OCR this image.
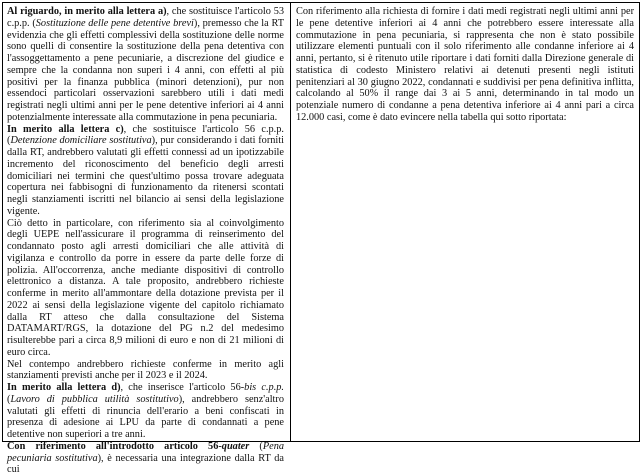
Al riguardo, in merito alla lettera a), che sostituisce l'articolo 53 c.p.p. (Sostituzione delle pene detentive brevi), premesso che la RT evidenzia che gli effetti complessivi della sostituzione delle norme sono quelli di consentire la sostituzione della pena detentiva con l'assoggettamento a pene pecuniarie, a discrezione del giudice e sempre che la condanna non superi i 4 anni, con effetti al più positivi per la finanza pubblica (minori detenzioni), pur non essendoci particolari osservazioni sarebbero utili i dati medi registrati negli ultimi anni per le pene detentive inferiori ai 4 anni potenzialmente interessate alla commutazione in pena pecuniaria.

In merito alla lettera c), che sostituisce l'articolo 56 c.p.p. (Detenzione domiciliare sostitutiva), pur considerando i dati forniti dalla RT, andrebbero valutati gli effetti connessi ad un ipotizzabile incremento del riconoscimento del beneficio degli arresti domiciliari nei termini che quest'ultimo possa trovare adeguata copertura nei fabbisogni di funzionamento da ritenersi scontati negli stanziamenti iscritti nel bilancio ai sensi della legislazione vigente.

Ciò detto in particolare, con riferimento sia al coinvolgimento degli UEPE nell'assicurare il programma di reinserimento del condannato posto agli arresti domiciliari che alle attività di vigilanza e controllo da porre in essere da parte delle forze di polizia. All'occorrenza, anche mediante dispositivi di controllo elettronico a distanza. A tale proposito, andrebbero richieste conferme in merito all'ammontare della dotazione prevista per il 2022 ai sensi della legislazione vigente del capitolo richiamato dalla RT atteso che dalla consultazione del Sistema DATAMART/RGS, la dotazione del PG n.2 del medesimo risulterebbe pari a circa 8,9 milioni di euro e non di 21 milioni di euro circa.

Nel contempo andrebbero richieste conferme in merito agli stanziamenti previsti anche per il 2023 e il 2024.

In merito alla lettera d), che inserisce l'articolo 56-bis c.p.p. (Lavoro di pubblica utilità sostitutivo), andrebbero senz'altro valutati gli effetti di rinuncia dell'erario a beni confiscati in presenza di adesione ai LPU da parte di condannati a pene detentive non superiori a tre anni.

Con riferimento all'introdotto articolo 56-quater (Pena pecuniaria sostitutiva), è necessaria una integrazione dalla RT da cui

Con riferimento alla richiesta di fornire i dati medi registrati negli ultimi anni per le pene detentive inferiori ai 4 anni che potrebbero essere interessate alla commutazione in pena pecuniaria, si rappresenta che non è stato possibile utilizzare elementi puntuali con il solo riferimento alle condanne inferiore ai 4 anni, pertanto, si è ritenuto utile riportare i dati forniti dalla Direzione generale di statistica di codesto Ministero relativi ai detenuti presenti negli istituti penitenziari al 30 giugno 2022, condannati e suddivisi per pena definitiva inflitta, calcolando al 50% il range dai 3 ai 5 anni, determinando in tal modo un potenziale numero di condanne a pena detentiva inferiore ai 4 anni pari a circa 12.000 casi, come è dato evincere nella tabella qui sotto riportata:
